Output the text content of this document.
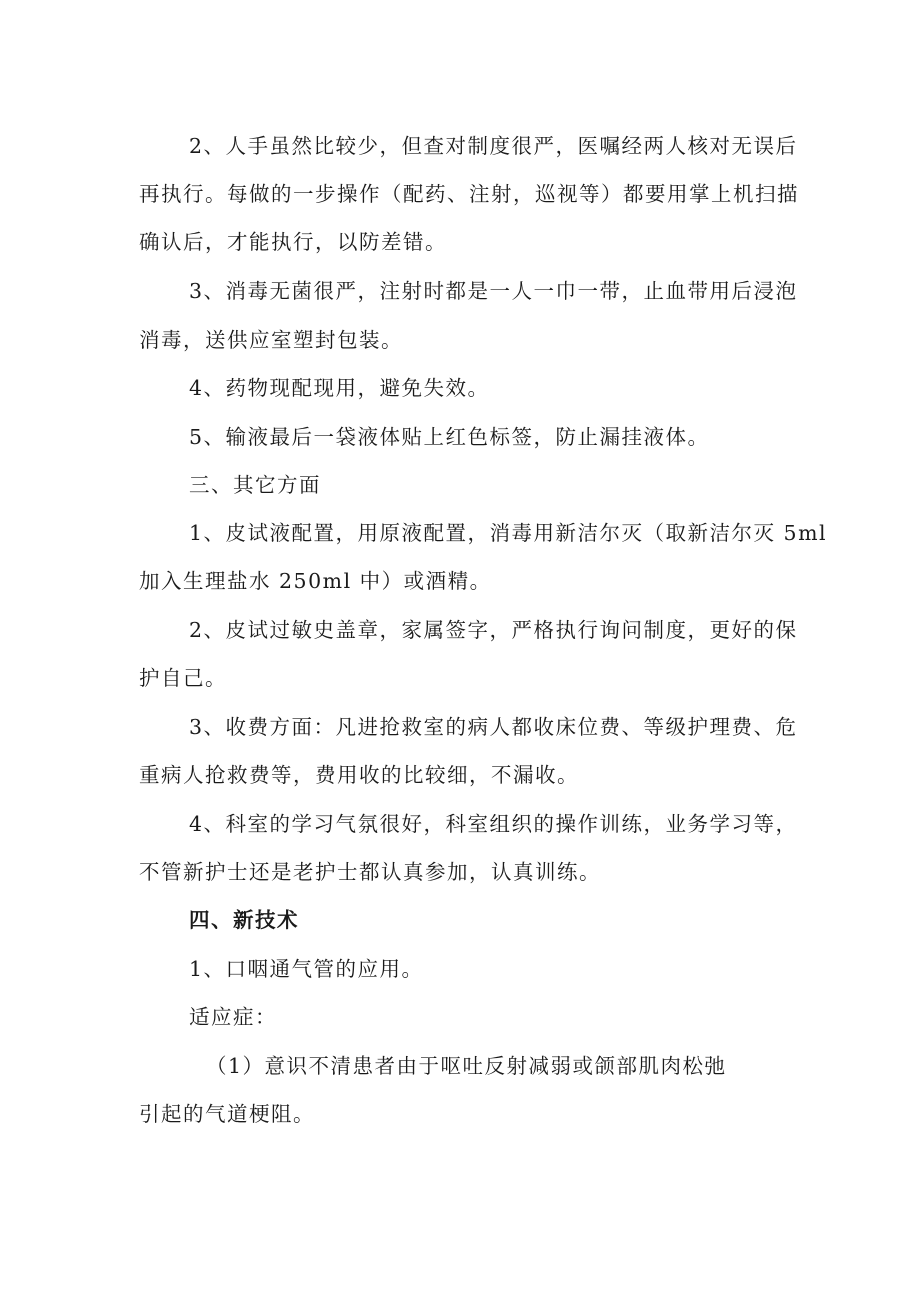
2、人手虽然比较少，但查对制度很严，医嘱经两人核对无误后
再执行。每做的一步操作（配药、注射，巡视等）都要用掌上机扫描
确认后，才能执行，以防差错。
3、消毒无菌很严，注射时都是一人一巾一带，止血带用后浸泡
消毒，送供应室塑封包装。
4、药物现配现用，避免失效。
5、输液最后一袋液体贴上红色标签，防止漏挂液体。
三、其它方面
1、皮试液配置，用原液配置，消毒用新洁尔灭（取新洁尔灭 5ml
加入生理盐水 250ml 中）或酒精。
2、皮试过敏史盖章，家属签字，严格执行询问制度，更好的保
护自己。
3、收费方面：凡进抢救室的病人都收床位费、等级护理费、危
重病人抢救费等，费用收的比较细，不漏收。
4、科室的学习气氛很好，科室组织的操作训练，业务学习等，
不管新护士还是老护士都认真参加，认真训练。
四、新技术
1、口咽通气管的应用。
适应症：
（1）意识不清患者由于呕吐反射减弱或颌部肌肉松弛
引起的气道梗阻。
